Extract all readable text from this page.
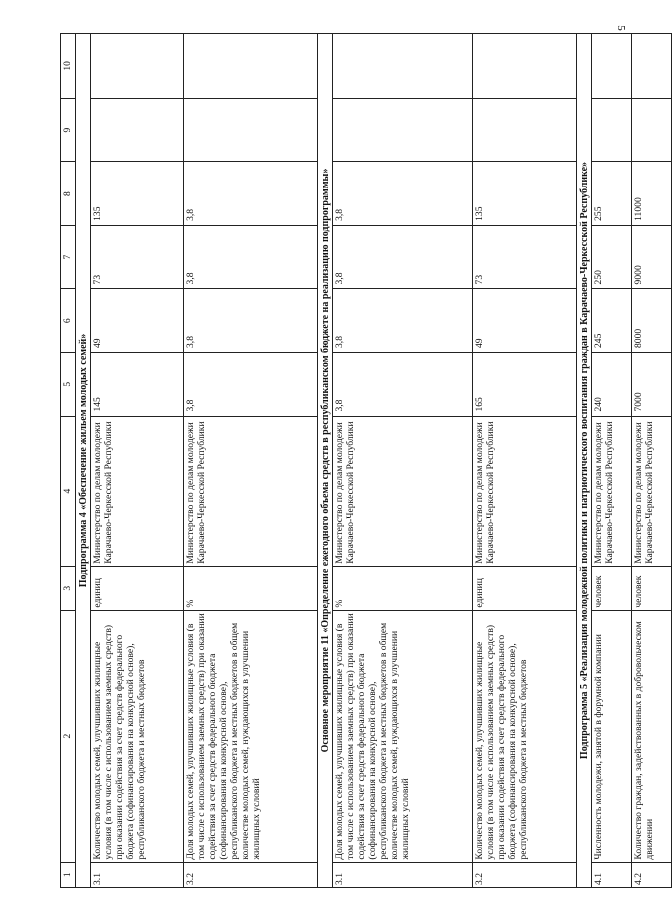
5
1	2	3	4	5	6	7	8	9	10
Подпрограмма 4 «Обеспечение жильем молодых семей»									
3.1	Количество молодых семей, улучшивших жилищные условия (в том числе с использованием заемных средств) при оказании содействия за счет средств федерального бюджета (софинансирования на конкурсной основе), республиканского бюджета и местных бюджетов	единиц	Министерство по делам молодежи Карачаево-Черкесской Республики	145	49	73	135		
3.2	Доля молодых семей, улучшивших жилищные условия (в том числе с использованием заемных средств) при оказании содействия за счет средств федерального бюджета (софинансирования на конкурсной основе), республиканского бюджета и местных бюджетов в общем количестве молодых семей, нуждающихся в улучшении жилищных условий	%	Министерство по делам молодежи Карачаево-Черкесской Республики	3,8	3,8	3,8	3,8		
Основное мероприятие 11 «Определение ежегодного объема средств в республиканском бюджете на реализацию подпрограммы»									
3.1	Доля молодых семей, улучшивших жилищные условия (в том числе с использованием заемных средств) при оказании содействия за счет средств федерального бюджета (софинансирования на конкурсной основе), республиканского бюджета и местных бюджетов в общем количестве молодых семей, нуждающихся в улучшении жилищных условий	%	Министерство по делам молодежи Карачаево-Черкесской Республики	3,8	3,8	3,8	3,8		
3.2	Количество молодых семей, улучшивших жилищные условия (в том числе с использованием заемных средств) при оказании содействия за счет средств федерального бюджета (софинансирования на конкурсной основе), республиканского бюджета и местных бюджетов	единиц	Министерство по делам молодежи Карачаево-Черкесской Республики	165	49	73	135		
Подпрограмма 5 «Реализация молодежной политики и патриотического воспитания граждан в Карачаево-Черкесской Республике»									
4.1	Численность молодежи, занятой в форумной компании	человек	Министерство по делам молодежи Карачаево-Черкесской Республики	240	245	250	255		
4.2	Количество граждан, задействованных в добровольческом движении	человек	Министерство по делам молодежи Карачаево-Черкесской Республики	7000	8000	9000	11000		
